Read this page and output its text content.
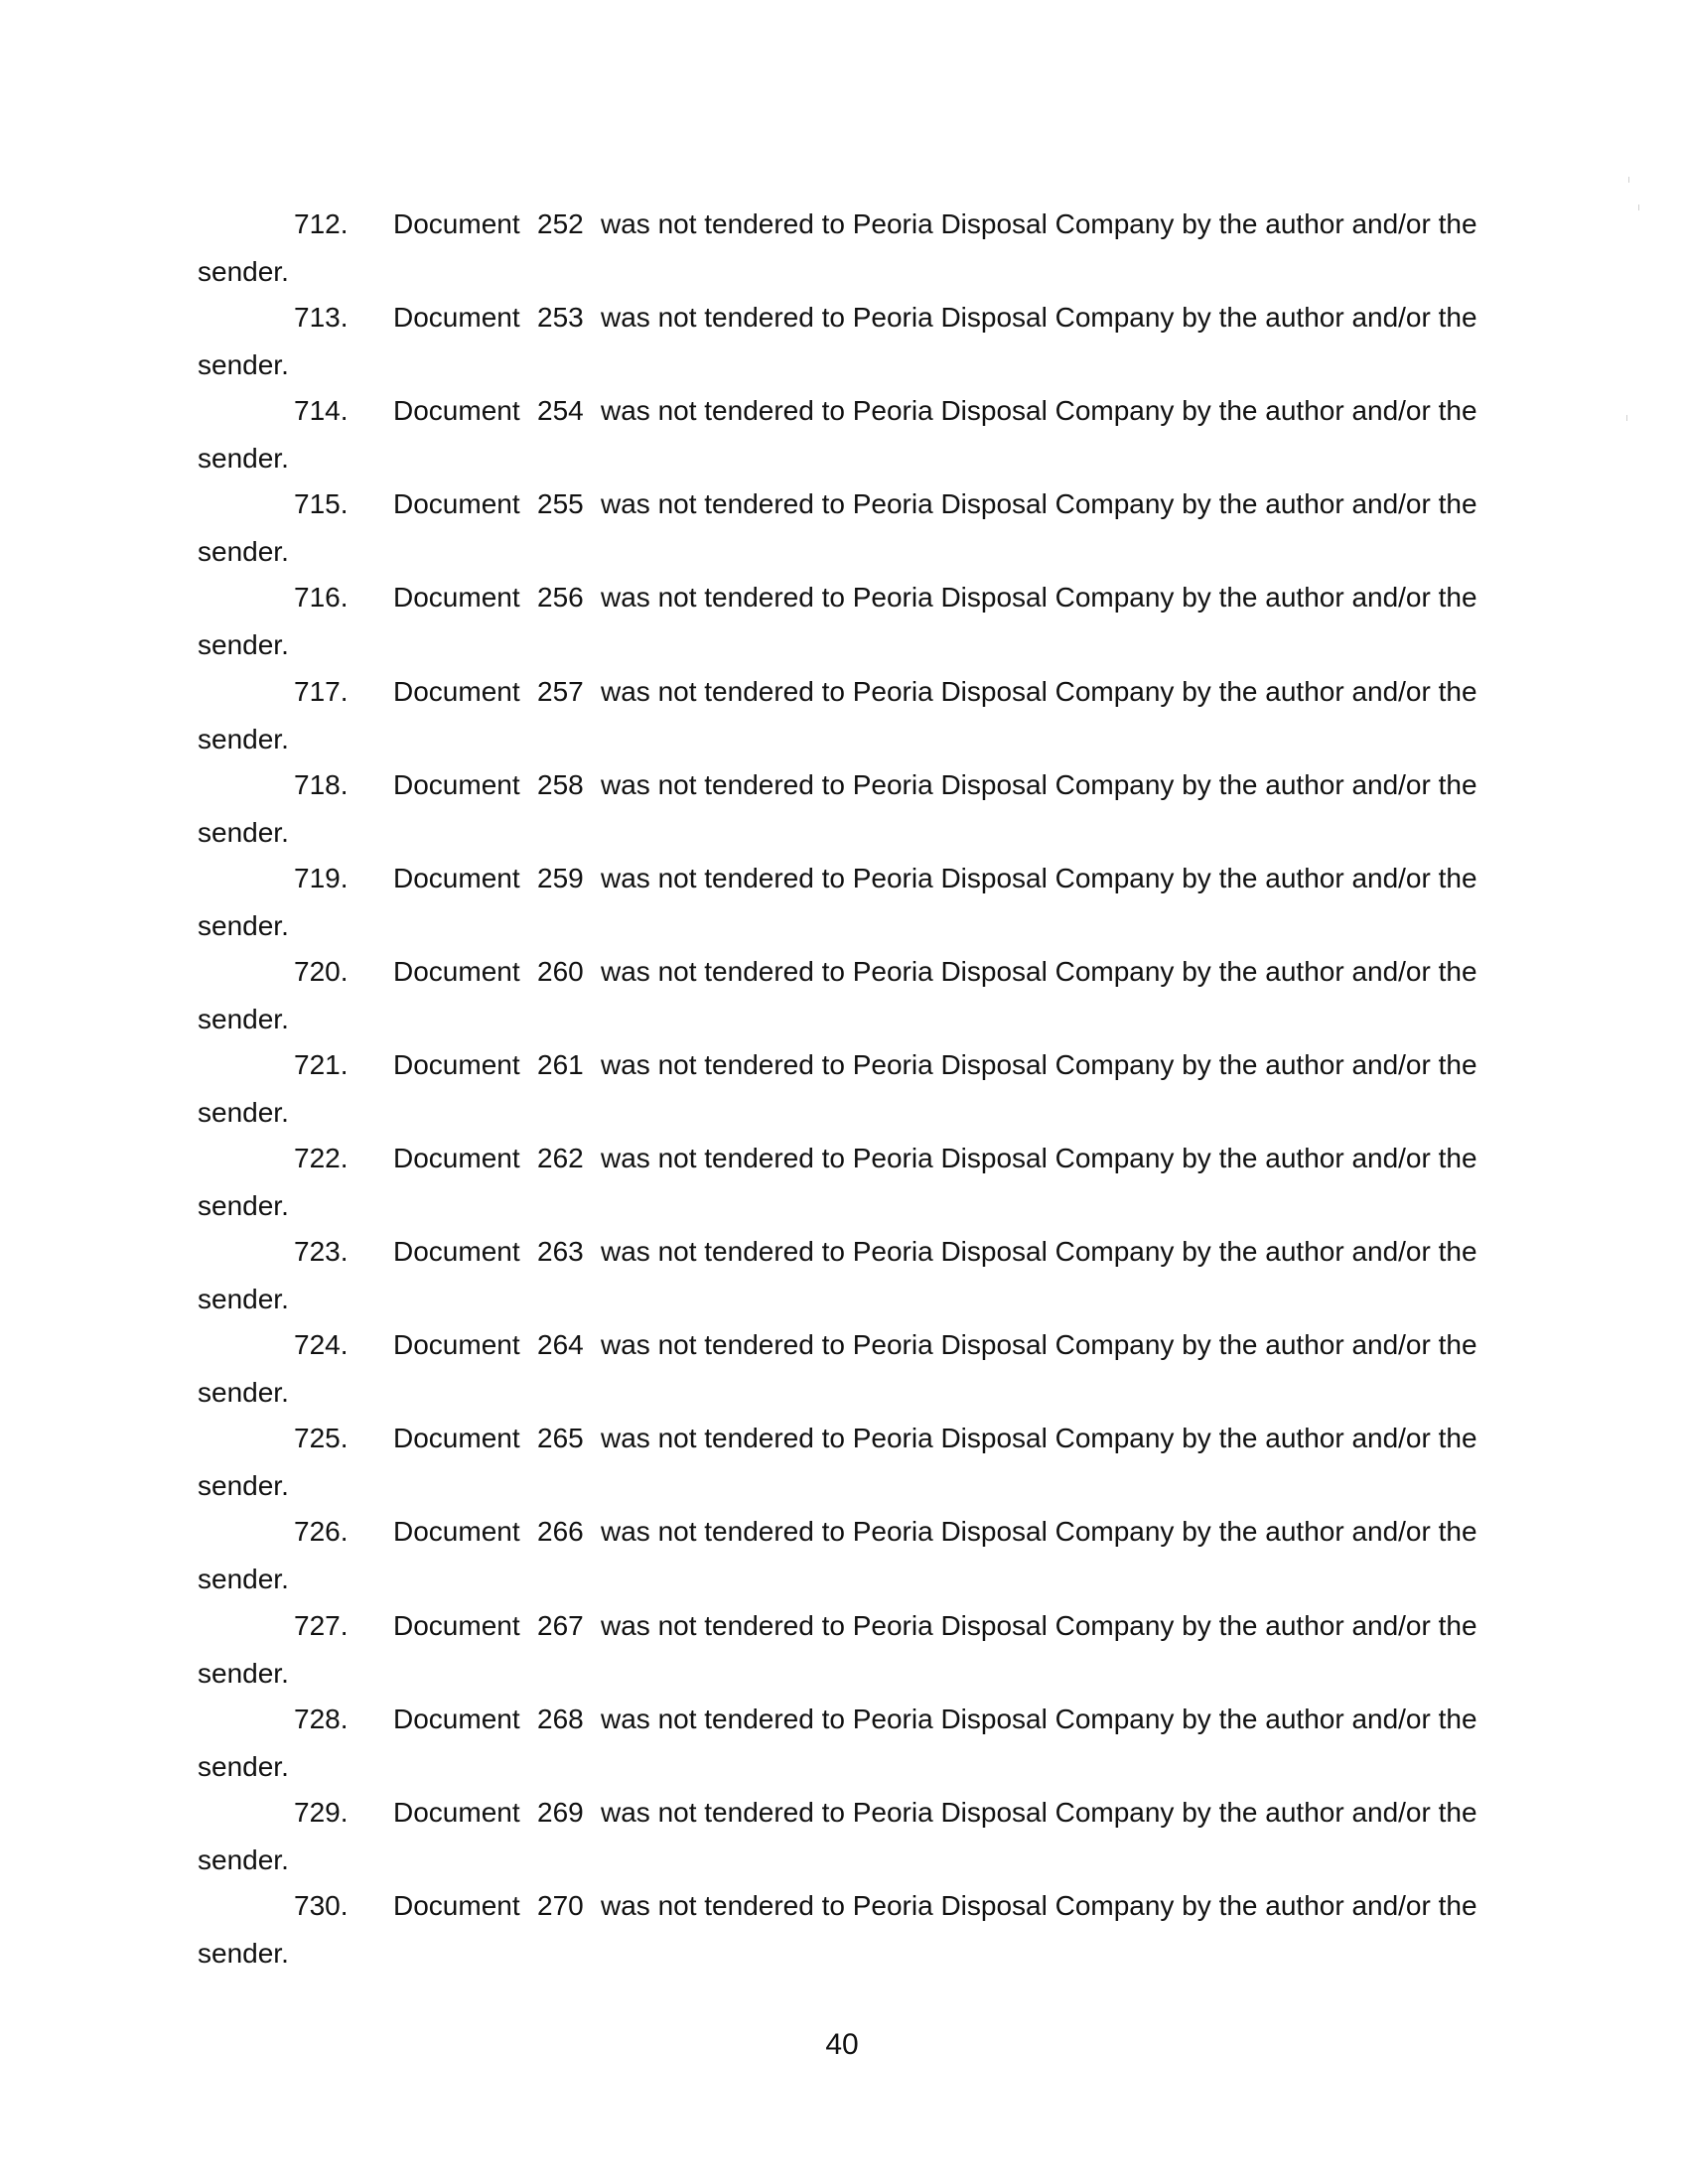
712. Document 252 was not tendered to Peoria Disposal Company by the author and/or the
sender.
713. Document 253 was not tendered to Peoria Disposal Company by the author and/or the
sender.
714. Document 254 was not tendered to Peoria Disposal Company by the author and/or the
sender.
715. Document 255 was not tendered to Peoria Disposal Company by the author and/or the
sender.
716. Document 256 was not tendered to Peoria Disposal Company by the author and/or the
sender.
717. Document 257 was not tendered to Peoria Disposal Company by the author and/or the
sender.
718. Document 258 was not tendered to Peoria Disposal Company by the author and/or the
sender.
719. Document 259 was not tendered to Peoria Disposal Company by the author and/or the
sender.
720. Document 260 was not tendered to Peoria Disposal Company by the author and/or the
sender.
721. Document 261 was not tendered to Peoria Disposal Company by the author and/or the
sender.
722. Document 262 was not tendered to Peoria Disposal Company by the author and/or the
sender.
723. Document 263 was not tendered to Peoria Disposal Company by the author and/or the
sender.
724. Document 264 was not tendered to Peoria Disposal Company by the author and/or the
sender.
725. Document 265 was not tendered to Peoria Disposal Company by the author and/or the
sender.
726. Document 266 was not tendered to Peoria Disposal Company by the author and/or the
sender.
727. Document 267 was not tendered to Peoria Disposal Company by the author and/or the
sender.
728. Document 268 was not tendered to Peoria Disposal Company by the author and/or the
sender.
729. Document 269 was not tendered to Peoria Disposal Company by the author and/or the
sender.
730. Document 270 was not tendered to Peoria Disposal Company by the author and/or the
sender.
40
